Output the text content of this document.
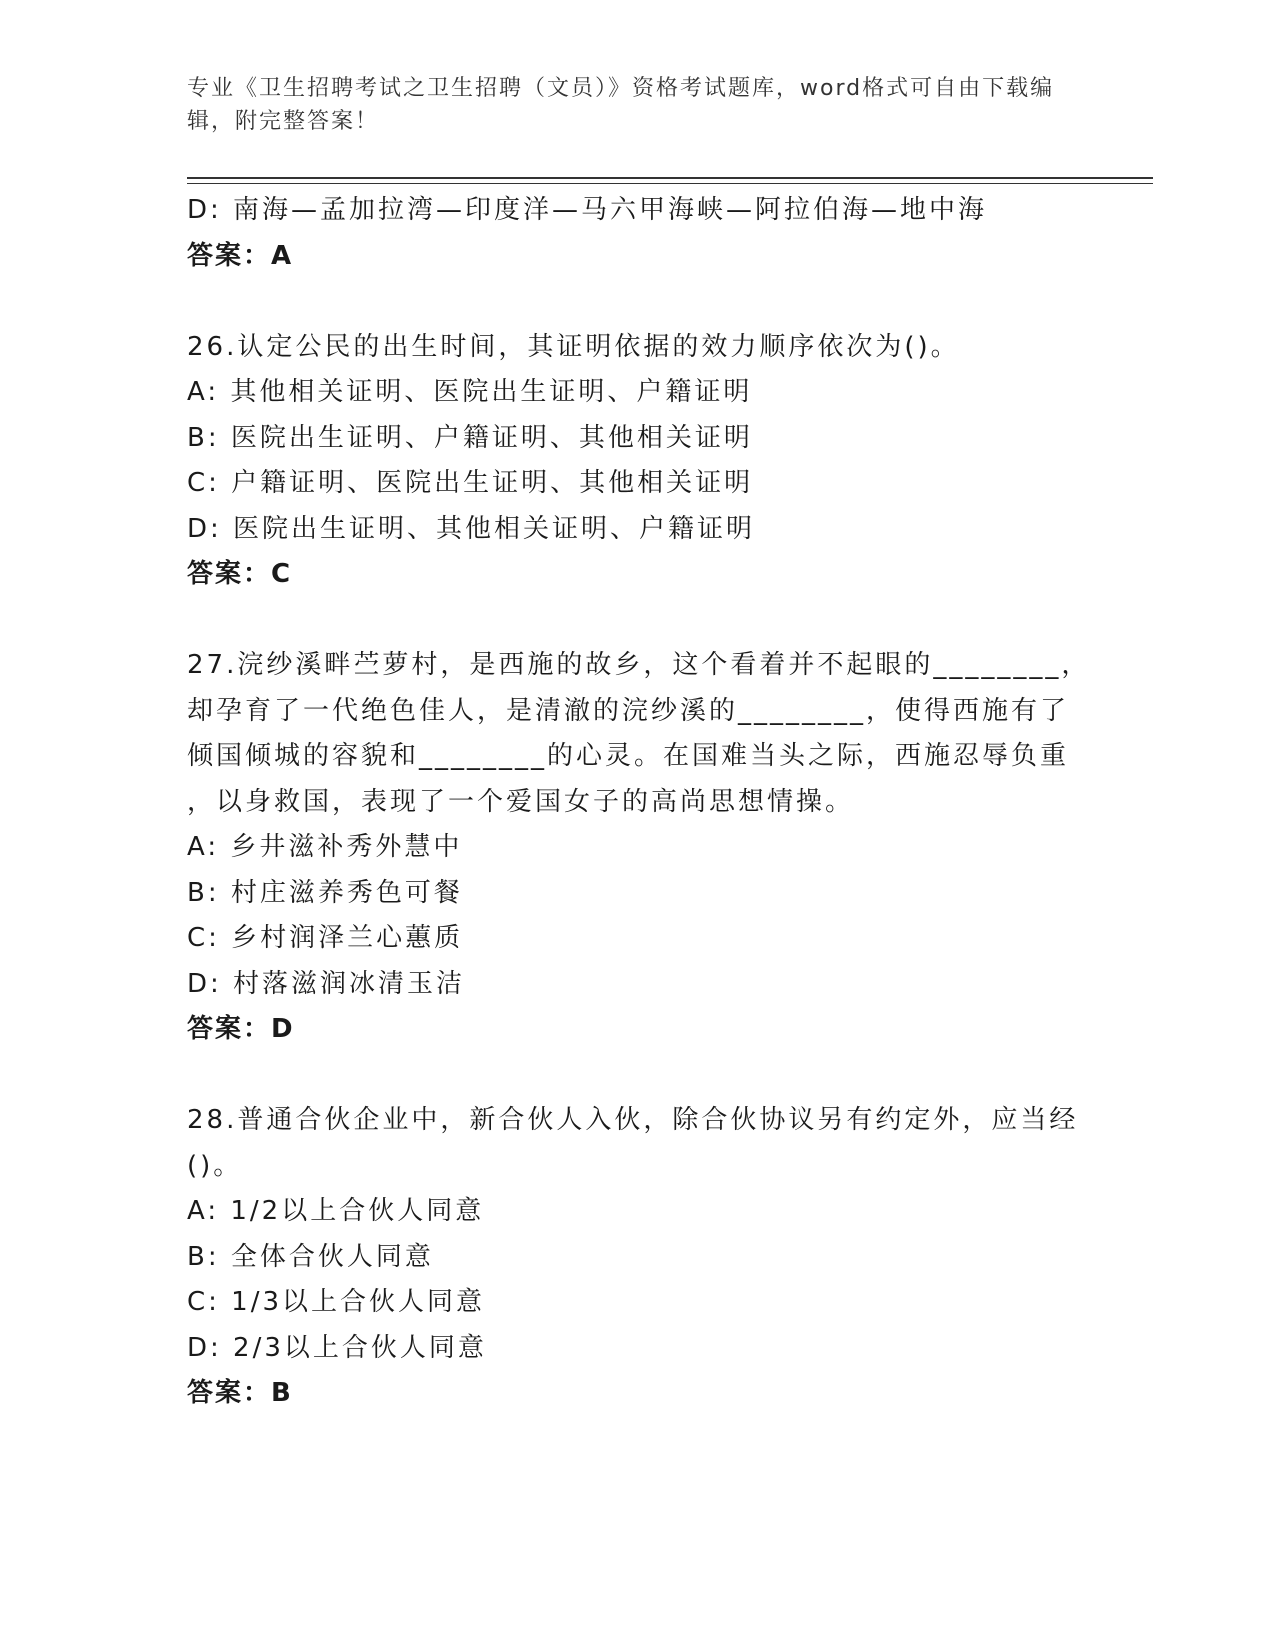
专业《卫生招聘考试之卫生招聘（文员）》资格考试题库，word格式可自由下载编辑，附完整答案！
D: 南海—孟加拉湾—印度洋—马六甲海峡—阿拉伯海—地中海
答案：A
26.认定公民的出生时间，其证明依据的效力顺序依次为()。
A: 其他相关证明、医院出生证明、户籍证明
B: 医院出生证明、户籍证明、其他相关证明
C: 户籍证明、医院出生证明、其他相关证明
D: 医院出生证明、其他相关证明、户籍证明
答案：C
27.浣纱溪畔苎萝村，是西施的故乡，这个看着并不起眼的________，
却孕育了一代绝色佳人，是清澈的浣纱溪的________，使得西施有了
倾国倾城的容貌和________的心灵。在国难当头之际，西施忍辱负重
，以身救国，表现了一个爱国女子的高尚思想情操。
A: 乡井滋补秀外慧中
B: 村庄滋养秀色可餐
C: 乡村润泽兰心蕙质
D: 村落滋润冰清玉洁
答案：D
28.普通合伙企业中，新合伙人入伙，除合伙协议另有约定外，应当经
()。
A: 1/2以上合伙人同意
B: 全体合伙人同意
C: 1/3以上合伙人同意
D: 2/3以上合伙人同意
答案：B
